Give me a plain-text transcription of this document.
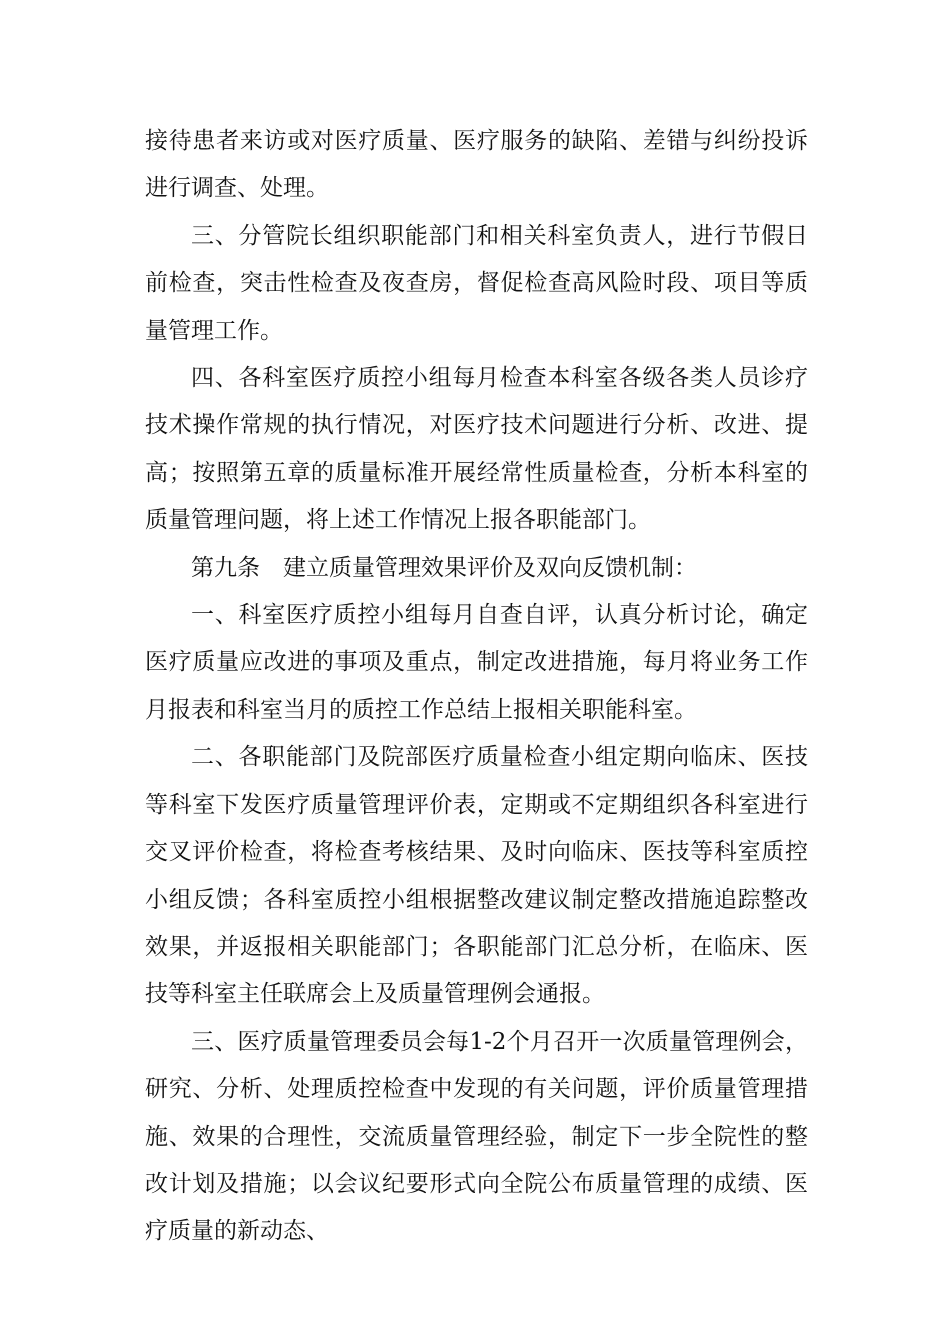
接待患者来访或对医疗质量、医疗服务的缺陷、差错与纠纷投诉进行调查、处理。

三、分管院长组织职能部门和相关科室负责人，进行节假日前检查，突击性检查及夜查房，督促检查高风险时段、项目等质量管理工作。

四、各科室医疗质控小组每月检查本科室各级各类人员诊疗技术操作常规的执行情况，对医疗技术问题进行分析、改进、提高；按照第五章的质量标准开展经常性质量检查，分析本科室的质量管理问题，将上述工作情况上报各职能部门。

第九条　建立质量管理效果评价及双向反馈机制：

一、科室医疗质控小组每月自查自评，认真分析讨论，确定医疗质量应改进的事项及重点，制定改进措施，每月将业务工作月报表和科室当月的质控工作总结上报相关职能科室。

二、各职能部门及院部医疗质量检查小组定期向临床、医技等科室下发医疗质量管理评价表，定期或不定期组织各科室进行交叉评价检查，将检查考核结果、及时向临床、医技等科室质控小组反馈；各科室质控小组根据整改建议制定整改措施追踪整改效果，并返报相关职能部门；各职能部门汇总分析，在临床、医技等科室主任联席会上及质量管理例会通报。

三、医疗质量管理委员会每1-2个月召开一次质量管理例会，研究、分析、处理质控检查中发现的有关问题，评价质量管理措施、效果的合理性，交流质量管理经验，制定下一步全院性的整改计划及措施；以会议纪要形式向全院公布质量管理的成绩、医疗质量的新动态、
